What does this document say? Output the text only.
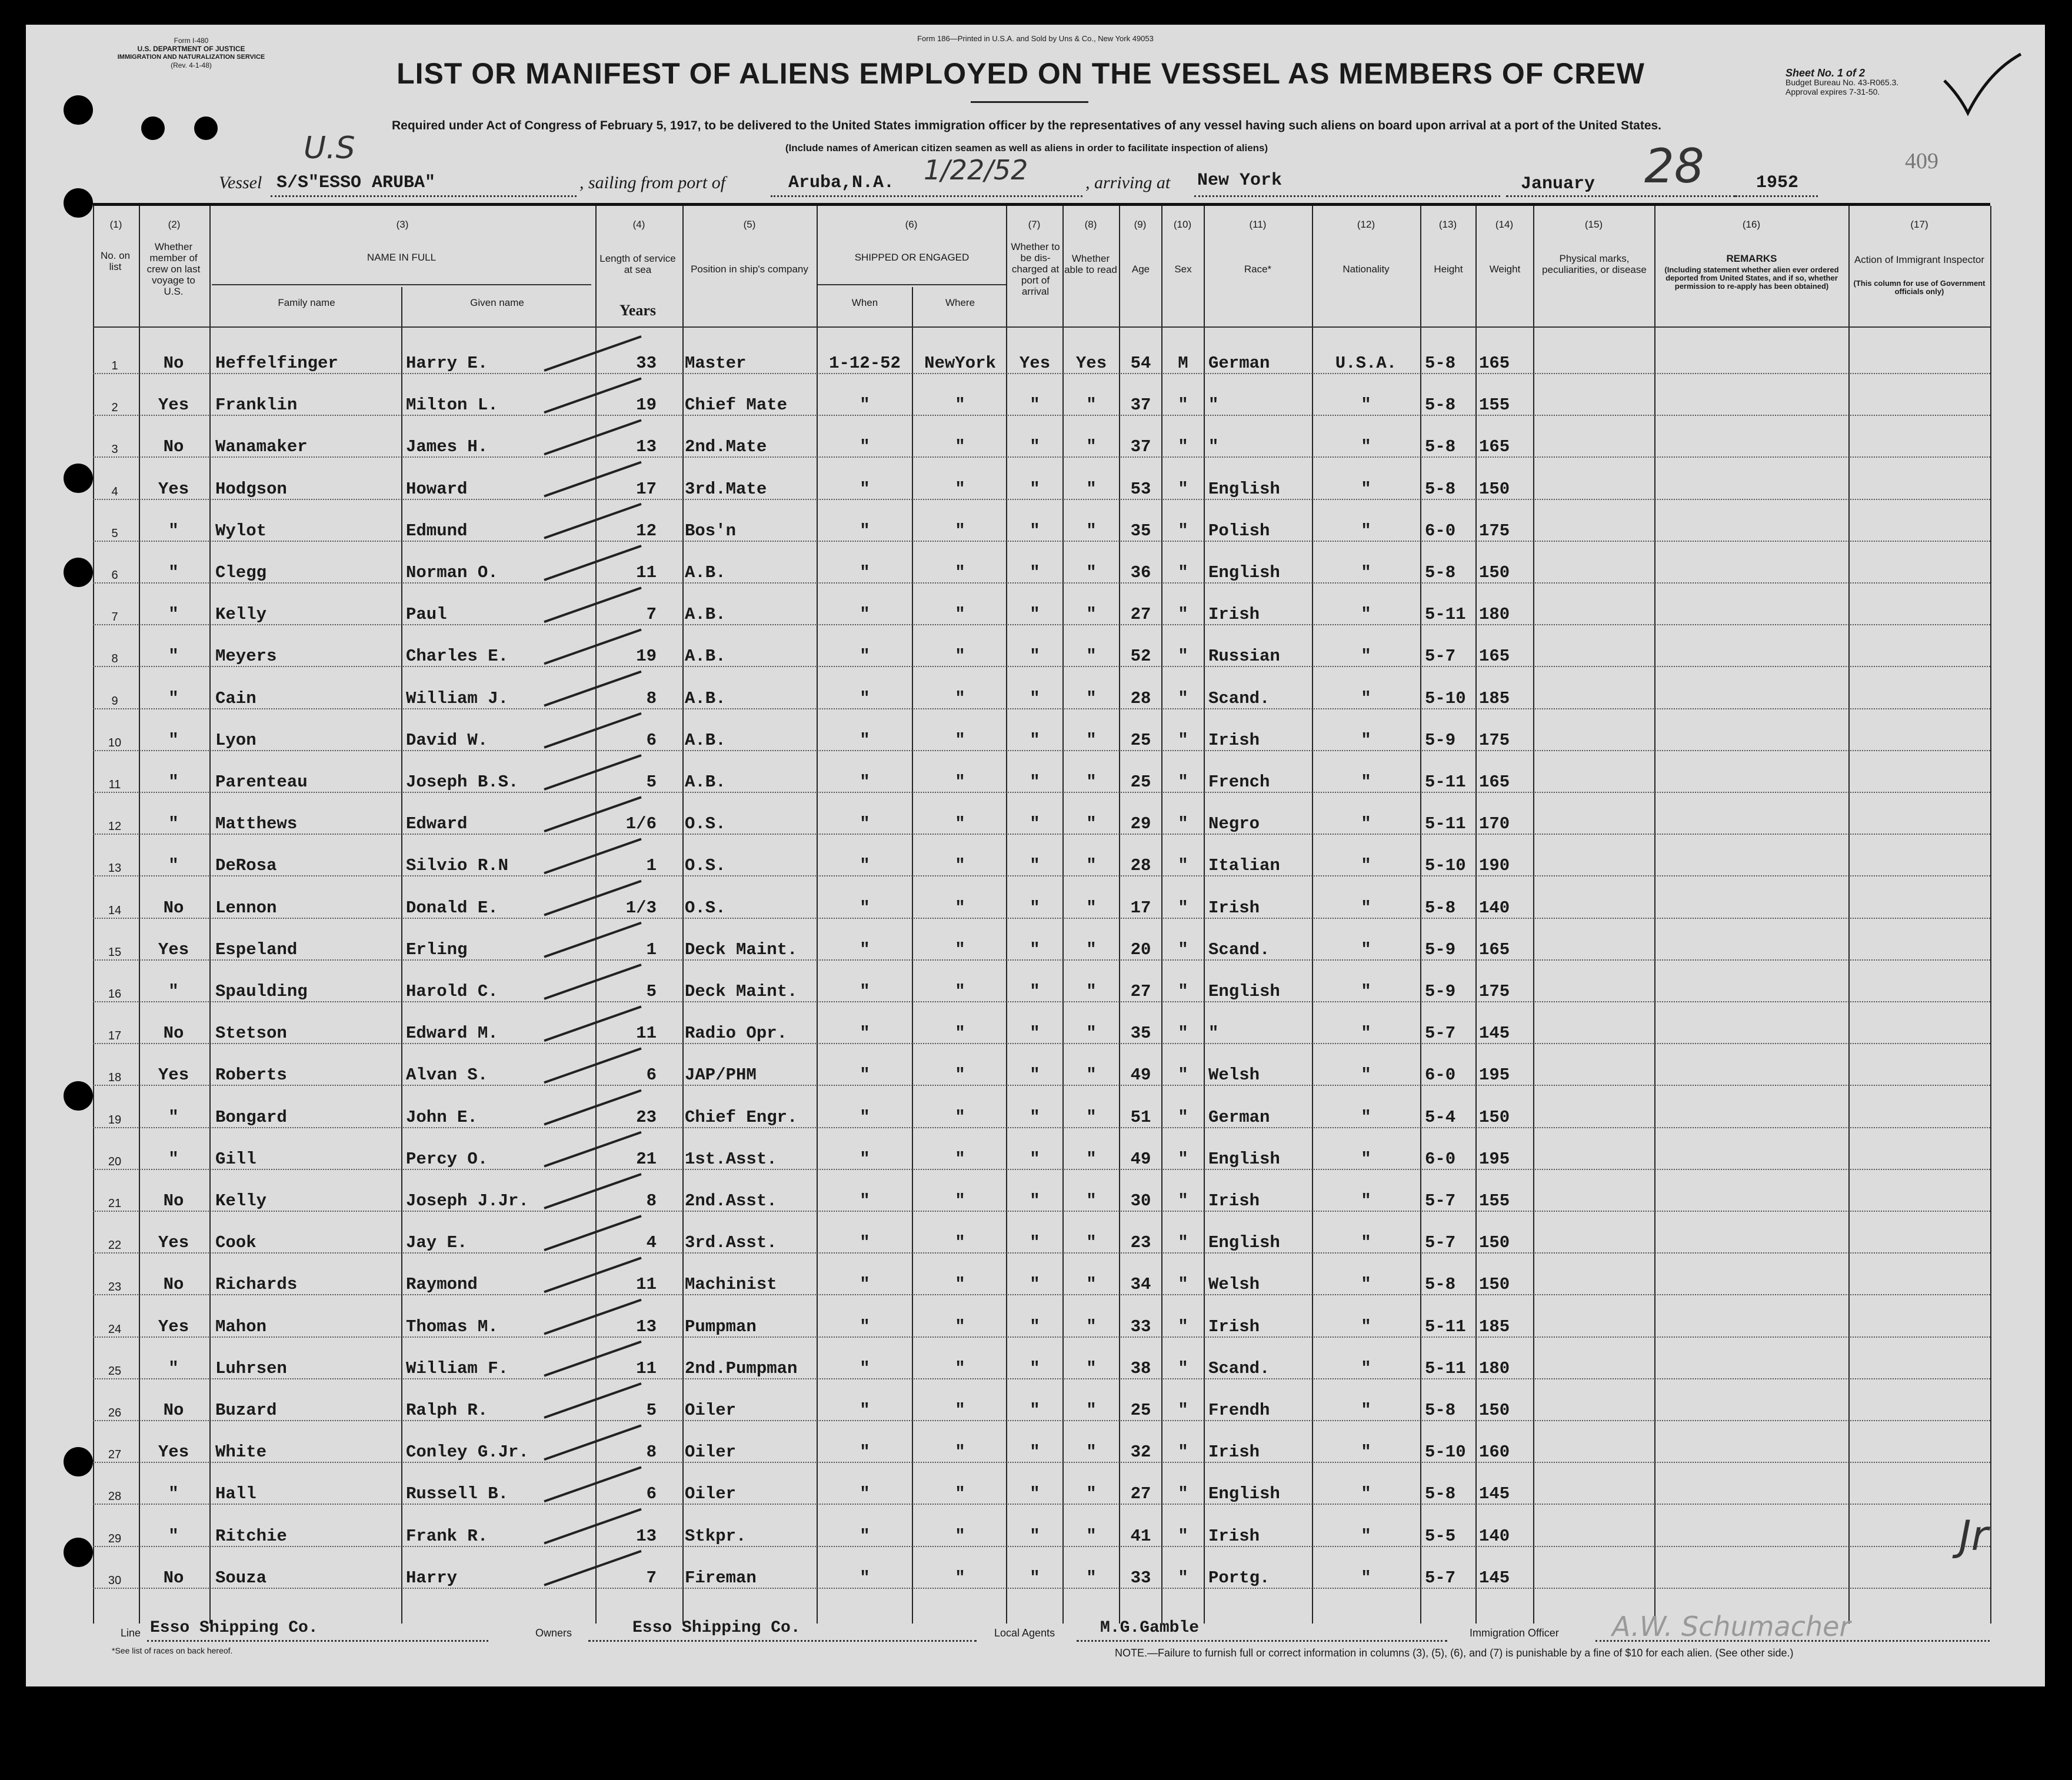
Form I-480
U.S. DEPARTMENT OF JUSTICE
IMMIGRATION AND NATURALIZATION SERVICE
(Rev. 4-1-48)
Form 186—Printed in U.S.A. and Sold by Uns & Co., New York 49053
LIST OR MANIFEST OF ALIENS EMPLOYED ON THE VESSEL AS MEMBERS OF CREW	Sheet No. 1 of 2
Budget Bureau No. 43-R065.3.
Approval expires 7-31-50.
U.S
Required under Act of Congress of February 5, 1917, to be delivered to the United States immigration officer by the representatives of any vessel having such aliens on board upon arrival at a port of the United States.
(Include names of American citizen seamen as well as aliens in order to facilitate inspection of aliens)
409
Vessel S/S"ESSO ARUBA"	, sailing from port of	Aruba,N.A. 1/22/52	, arriving at New York	January 28	1952
(1)	(2)	(3)	(4)	(5)	(6)	(7)	(8)	(9)	(10)	(11)	(12)	(13)	(14)	(15)	(16)	(17)
No. on list
Whether member of crew on last voyage to U.S.
NAME IN FULL
Family name	Given name
Length of service at sea
Years
Position in ship's company
SHIPPED OR ENGAGED
When	Where
Whether to be dis-charged at port of arrival
Whether able to read	Age	Sex	Race*	Nationality	Height	Weight
Physical marks, peculiarities, or disease
REMARKS
(Including statement whether alien ever ordered deported from United States, and if so, whether permission to re-apply has been obtained)
Action of Immigrant Inspector
(This column for use of Government officials only)
1	No	Heffelfinger	Harry E.	33 Master	1-12-52	NewYork	Yes	Yes	54	M	German	U.S.A.	5-8	165
2	Yes	Franklin	Milton L.	19 Chief Mate	"	"	"	"	37	"	"	"	5-8	155
3	No	Wanamaker	James H.	13 2nd.Mate	"	"	"	"	37	"	"	"	5-8	165
4	Yes	Hodgson	Howard	17 3rd.Mate	"	"	"	"	53	"	English	"	5-8	150
5	"	Wylot	Edmund	12 Bos'n	"	"	"	"	35	"	Polish	"	6-0	175
6	"	Clegg	Norman O.	11 A.B.	"	"	"	"	36	"	English	"	5-8	150
7	"	Kelly	Paul	7 A.B.	"	"	"	"	27	"	Irish	"	5-11 180
8	"	Meyers	Charles E.	19 A.B.	"	"	"	"	52	"	Russian	"	5-7	165
9	"	Cain	William J.	8 A.B.	"	"	"	"	28	"	Scand.	"	5-10 185
10	"	Lyon	David W.	6 A.B.	"	"	"	"	25	"	Irish	"	5-9	175
11	"	Parenteau	Joseph B.S.	5 A.B.	"	"	"	"	25	"	French	"	5-11 165
12	"	Matthews	Edward	1/6 O.S.	"	"	"	"	29	"	Negro	"	5-11 170
13	"	DeRosa	Silvio R.N	1 O.S.	"	"	"	"	28	"	Italian	"	5-10 190
14	No	Lennon	Donald E.	1/3 O.S.	"	"	"	"	17	"	Irish	"	5-8	140
15	Yes	Espeland	Erling	1 Deck Maint.	"	"	"	"	20	"	Scand.	"	5-9	165
16	"	Spaulding	Harold C.	5 Deck Maint.	"	"	"	"	27	"	English	"	5-9	175
17	No	Stetson	Edward M.	11 Radio Opr.	"	"	"	"	35	"	"	"	5-7	145
18	Yes	Roberts	Alvan S.	6 JAP/PHM	"	"	"	"	49	"	Welsh	"	6-0	195
19	"	Bongard	John E.	23 Chief Engr.	"	"	"	"	51	"	German	"	5-4	150
20	"	Gill	Percy O.	21 1st.Asst.	"	"	"	"	49	"	English	"	6-0	195
21	No	Kelly	Joseph J.Jr.	8 2nd.Asst.	"	"	"	"	30	"	Irish	"	5-7	155
22	Yes	Cook	Jay E.	4 3rd.Asst.	"	"	"	"	23	"	English	"	5-7	150
23	No	Richards	Raymond	11 Machinist	"	"	"	"	34	"	Welsh	"	5-8	150
24	Yes	Mahon	Thomas M.	13 Pumpman	"	"	"	"	33	"	Irish	"	5-11 185
25	"	Luhrsen	William F.	11 2nd.Pumpman	"	"	"	"	38	"	Scand.	"	5-11 180
26	No	Buzard	Ralph R.	5 Oiler	"	"	"	"	25	"	Frendh	"	5-8	150
27	Yes	White	Conley G.Jr.	8 Oiler	"	"	"	"	32	"	Irish	"	5-10 160
28	"	Hall	Russell B.	6 Oiler	"	"	"	"	27	"	English	"	5-8	145
29	"	Ritchie	Frank R.	13 Stkpr.	"	"	"	"	41	"	Irish	"	5-5	140
30	No	Souza	Harry	7 Fireman	"	"	"	"	33	"	Portg.	"	5-7	145
Line Esso Shipping Co.	Owners	Esso Shipping Co.	Local Agents	M.G.Gamble	Immigration Officer A.W. Schumacher
*See list of races on back hereof.	NOTE.—Failure to furnish full or correct information in columns (3), (5), (6), and (7) is punishable by a fine of $10 for each alien. (See other side.)
Jr
